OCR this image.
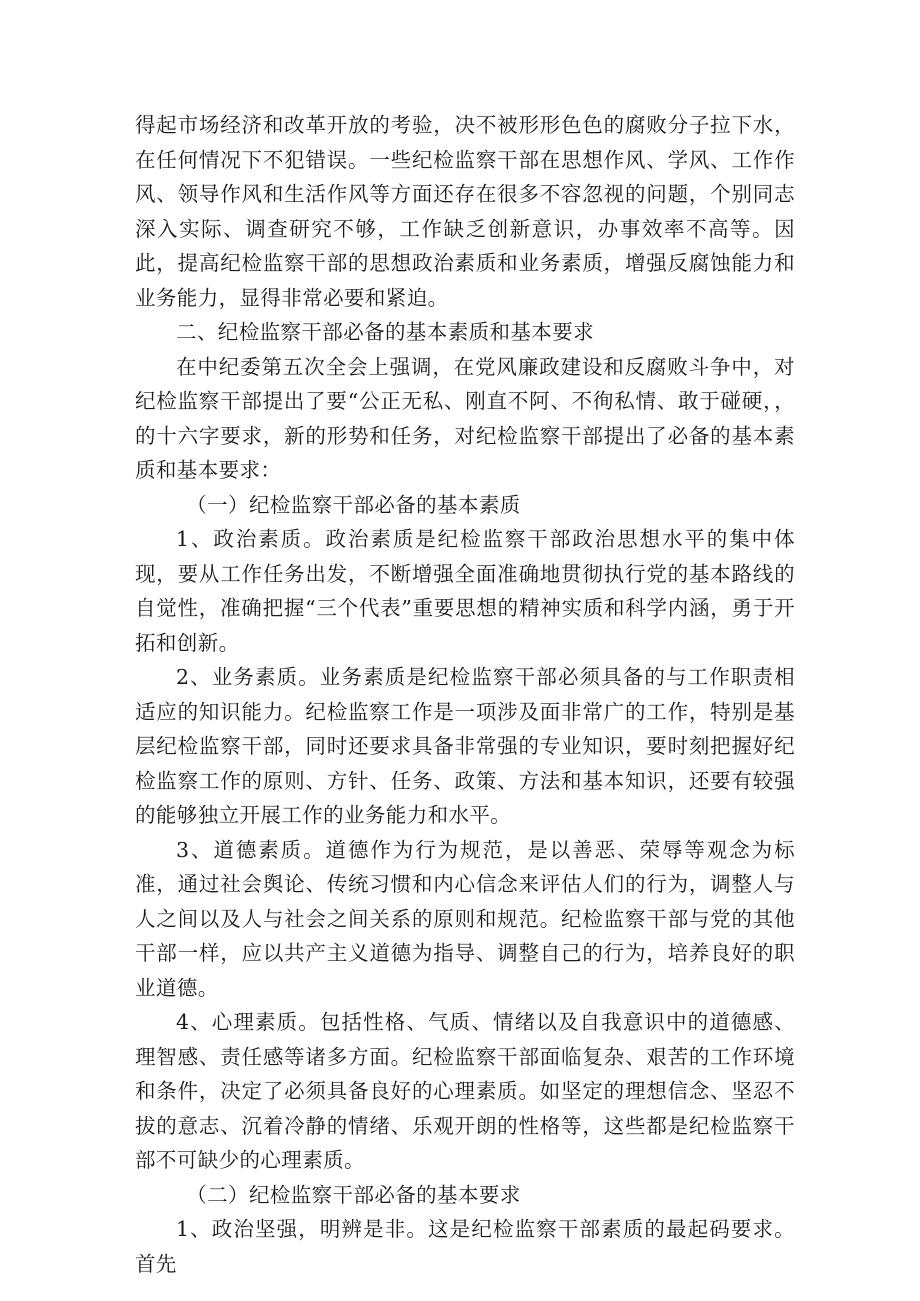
得起市场经济和改革开放的考验，决不被形形色色的腐败分子拉下水，在任何情况下不犯错误。一些纪检监察干部在思想作风、学风、工作作风、领导作风和生活作风等方面还存在很多不容忽视的问题，个别同志深入实际、调查研究不够，工作缺乏创新意识，办事效率不高等。因此，提高纪检监察干部的思想政治素质和业务素质，增强反腐蚀能力和业务能力，显得非常必要和紧迫。

二、纪检监察干部必备的基本素质和基本要求

在中纪委第五次全会上强调，在党风廉政建设和反腐败斗争中，对纪检监察干部提出了要“公正无私、刚直不阿、不徇私情、敢于碰硬，，的十六字要求，新的形势和任务，对纪检监察干部提出了必备的基本素质和基本要求：

（一）纪检监察干部必备的基本素质

1、政治素质。政治素质是纪检监察干部政治思想水平的集中体现，要从工作任务出发，不断增强全面准确地贯彻执行党的基本路线的自觉性，准确把握“三个代表”重要思想的精神实质和科学内涵，勇于开拓和创新。

2、业务素质。业务素质是纪检监察干部必须具备的与工作职责相适应的知识能力。纪检监察工作是一项涉及面非常广的工作，特别是基层纪检监察干部，同时还要求具备非常强的专业知识，要时刻把握好纪检监察工作的原则、方针、任务、政策、方法和基本知识，还要有较强的能够独立开展工作的业务能力和水平。

3、道德素质。道德作为行为规范，是以善恶、荣辱等观念为标准，通过社会舆论、传统习惯和内心信念来评估人们的行为，调整人与人之间以及人与社会之间关系的原则和规范。纪检监察干部与党的其他干部一样，应以共产主义道德为指导、调整自己的行为，培养良好的职业道德。

4、心理素质。包括性格、气质、情绪以及自我意识中的道德感、理智感、责任感等诸多方面。纪检监察干部面临复杂、艰苦的工作环境和条件，决定了必须具备良好的心理素质。如坚定的理想信念、坚忍不拔的意志、沉着冷静的情绪、乐观开朗的性格等，这些都是纪检监察干部不可缺少的心理素质。

（二）纪检监察干部必备的基本要求

1、政治坚强，明辨是非。这是纪检监察干部素质的最起码要求。首先
